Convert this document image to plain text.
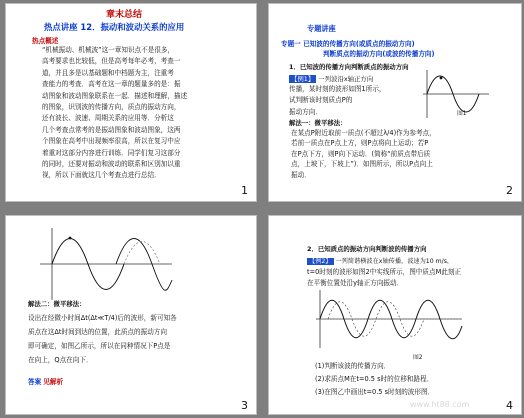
章末总结
热点讲座 12．振动和波动关系的应用
热点概述
“机械振动、机械波”这一章知识点不是很多，
高考要求也比较低，但是高考每年必考，考查一
道，并且多是以基础题和中档题为主，注重考
查能力的考查．高考在这一章的题量多的是：振
动图象和波动图象联系在一起．描述和理解，描述
的图象，识别波的传播方向，质点的振动方向，
还有波长、波速、周期关系的应用等．分析这
几个考查点常考的是振动图象和波动图象，这两
个图象在高考中出现频率很高，所以在复习中应
着重对这部分内容进行训练．同学们复习这部分
的同时，还要对振动和波动的联系和区别加以重
视，所以下面就这几个考查点进行总结．
1
专题讲座
专题一 已知波的传播方向(或质点的振动方向)
判断质点的振动方向(或波的传播方向)
1．已知波的传播方向判断质点的振动方向
【例1】 一列波沿x轴正方向
传播，某时刻的波形如图1所示，
试判断该时刻质点P的
振动方向．	图1
解法一：微平移法：
在某点P附近取前一质点(不超过λ/4)作为参考点，
若前一质点在P点上方，则P点将向上运动；若P
在P点下方，则P向下运动．(简称“前质点带后质
点，上坡下，下坡上”)．如图所示，所以P点向上
振动．
2
解法二：微平移法：
设出在经微小时间Δt(Δt≪T/4)后的波形，新可知各
质点在这Δt时间到达的位置，此质点的振动方向
即可确定，如图乙所示，所以在同种情况下P点是
在向上，Q点在向下．
答案 见解析
3
2．已知质点的振动方向判断波的传播方向
【例2】 一列简谐横波在x轴传播，波速为10 m/s，
t=0时刻的波形如图2中实线所示，图中质点M此刻正
在平衡位置处沿y轴正方向振动．
图2
(1)判断该波的传播方向．
(2)求质点M在t=0.5 s时的位移和路程．
(3)在图乙中画出t=0.5 s时刻的波形图．
4
www.ht88.com
